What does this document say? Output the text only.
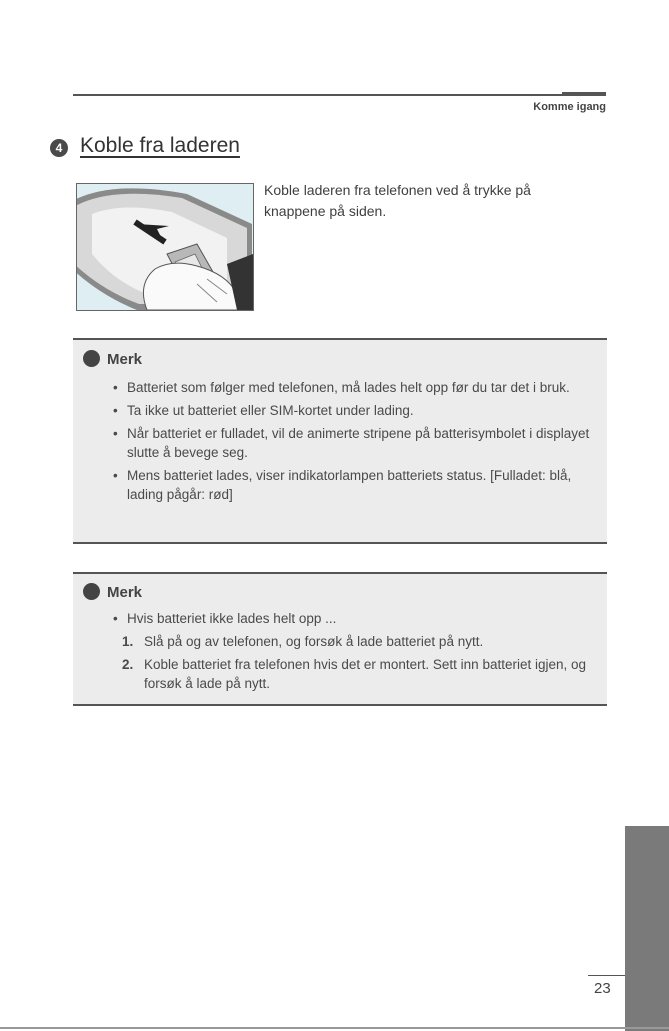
Komme igang
4 Koble fra laderen
Koble laderen fra telefonen ved å trykke på knappene på siden.
Merk
• Batteriet som følger med telefonen, må lades helt opp før du tar det i bruk.
• Ta ikke ut batteriet eller SIM-kortet under lading.
• Når batteriet er fulladet, vil de animerte stripene på batterisymbolet i displayet slutte å bevege seg.
• Mens batteriet lades, viser indikatorlampen batteriets status. [Fulladet: blå, lading pågår: rød]
Merk
• Hvis batteriet ikke lades helt opp ...
1. Slå på og av telefonen, og forsøk å lade batteriet på nytt.
2. Koble batteriet fra telefonen hvis det er montert. Sett inn batteriet igjen, og forsøk å lade på nytt.
23
